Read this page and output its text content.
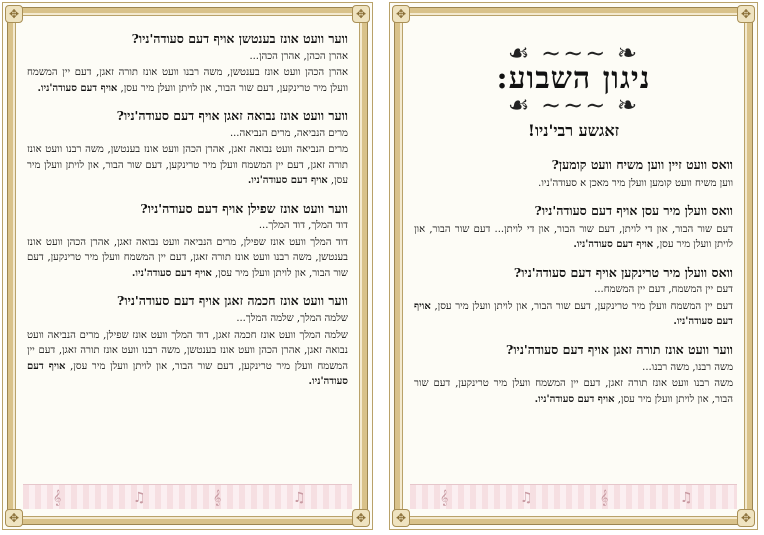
✥	✥
✥	✥
𝄞	♫	𝄞	♫

ווער וועט אונז בענטשן אויף דעם סעודה'ניו?

אהרן הכהן, אהרן הכהן...

אהרן הכהן וועט אונז בענטשן, משה רבנו וועט אונז תורה זאגן, דעם יין המשמח וועלן מיר טרינקען, דעם שור הבור, און לויתן וועלן מיר עסן, אויף דעם סעודה'ניו.

ווער וועט אונז נבואה זאגן אויף דעם סעודה'ניו?

מרים הנביאה, מרים הנביאה...

מרים הנביאה וועט נבואה זאגן, אהרן הכהן וועט אונז בענטשן, משה רבנו וועט אונז תורה זאגן, דעם יין המשמח וועלן מיר טרינקען, דעם שור הבור, און לויתן וועלן מיר עסן, אויף דעם סעודה'ניו.

ווער וועט אונז שפילן אויף דעם סעודה'ניו?

דוד המלך, דוד המלך...

דוד המלך וועט אונז שפילן, מרים הנביאה וועט נבואה זאגן, אהרן הכהן וועט אונז בענטשן, משה רבנו וועט אונז תורה זאגן, דעם יין המשמח וועלן מיר טרינקען, דעם שור הבור, און לויתן וועלן מיר עסן, אויף דעם סעודה'ניו.

ווער וועט אונז חכמה זאגן אויף דעם סעודה'ניו?

שלמה המלך, שלמה המלך...

שלמה המלך וועט אונז חכמה זאגן, דוד המלך וועט אונז שפילן, מרים הנביאה וועט נבואה זאגן, אהרן הכהן וועט אונז בענטשן, משה רבנו וועט אונז תורה זאגן, דעם יין המשמח וועלן מיר טרינקען, דעם שור הבור, און לויתן וועלן מיר עסן, אויף דעם סעודה'ניו.

✥	✥
✥	✥
𝄞	♫	𝄞	♫
❧ ∽∽∽ ☙
ניגון השבוע:
❧ ∽∽∽ ☙
זאגשע רבי'ניו!

וואס וועט זיין ווען משיח וועט קומען?

ווען משיח וועט קומען וועלן מיר מאכן א סעודה'ניו.

וואס וועלן מיר עסן אויף דעם סעודה'ניו?

דעם שור הבור, און די לויתן, דעם שור הבור, און די לויתן... דעם שור הבור, און לויתן וועלן מיר עסן, אויף דעם סעודה'ניו.

וואס וועלן מיר טרינקען אויף דעם סעודה'ניו?

דעם יין המשמח, דעם יין המשמח...

דעם יין המשמח וועלן מיר טרינקען, דעם שור הבור, און לויתן וועלן מיר עסן, אויף דעם סעודה'ניו.

ווער וועט אונז תורה זאגן אויף דעם סעודה'ניו?

משה רבנו, משה רבנו...

משה רבנו וועט אונז תורה זאגן, דעם יין המשמח וועלן מיר טרינקען, דעם שור הבור, און לויתן וועלן מיר עסן, אויף דעם סעודה'ניו.
